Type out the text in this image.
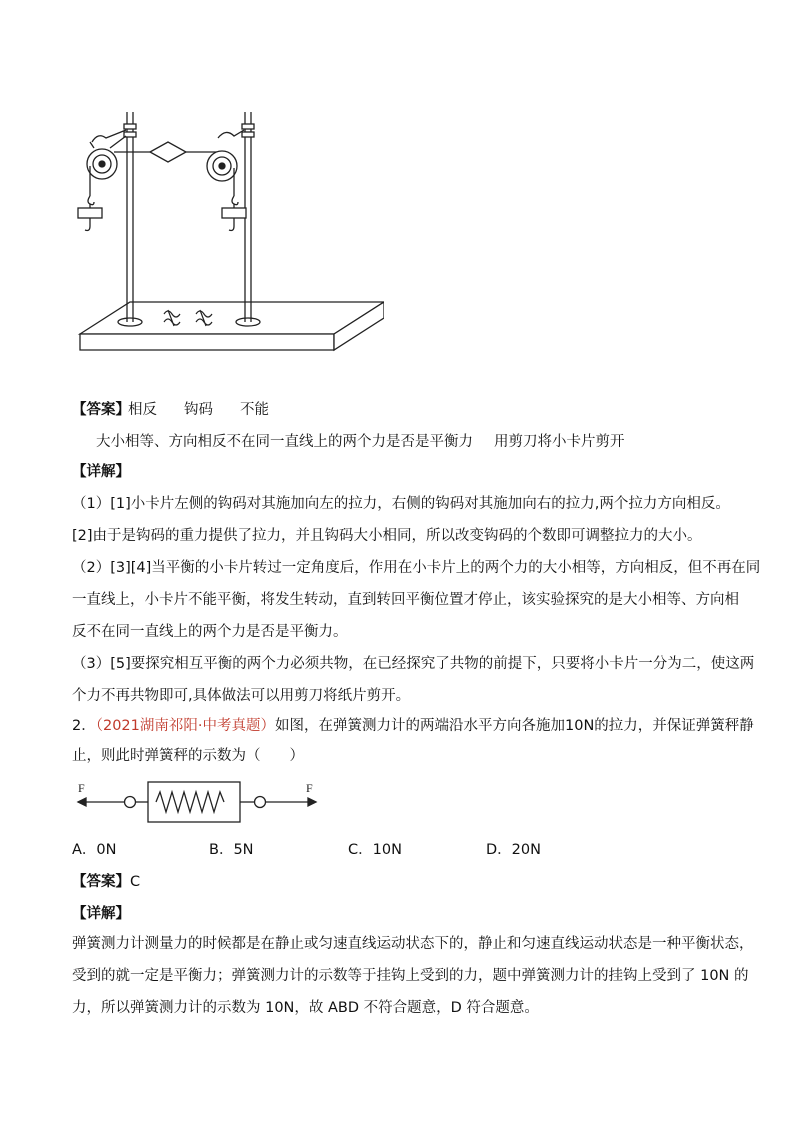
【答案】
相反 钩码 不能
大小相等、方向相反不在同一直线上的两个力是否是平衡力 用剪刀将小卡片剪开
【详解】
（1）[1]小卡片左侧的钩码对其施加向左的拉力，右侧的钩码对其施加向右的拉力,两个拉力方向相反。
[2]由于是钩码的重力提供了拉力，并且钩码大小相同，所以改变钩码的个数即可调整拉力的大小。
（2）[3][4]当平衡的小卡片转过一定角度后，作用在小卡片上的两个力的大小相等，方向相反，但不再在同
一直线上，小卡片不能平衡，将发生转动，直到转回平衡位置才停止，该实验探究的是大小相等、方向相
反不在同一直线上的两个力是否是平衡力。
（3）[5]要探究相互平衡的两个力必须共物，在已经探究了共物的前提下，只要将小卡片一分为二，使这两
个力不再共物即可,具体做法可以用剪刀将纸片剪开。
2．（2021湖南祁阳·中考真题）如图，在弹簧测力计的两端沿水平方向各施加10N的拉力，并保证弹簧秤静
止，则此时弹簧秤的示数为（　　）
F	F
A．0N	B．5N	C．10N	D．20N
【答案】C
【详解】
弹簧测力计测量力的时候都是在静止或匀速直线运动状态下的，静止和匀速直线运动状态是一种平衡状态，
受到的就一定是平衡力；弹簧测力计的示数等于挂钩上受到的力，题中弹簧测力计的挂钩上受到了 10N 的
力，所以弹簧测力计的示数为 10N，故 ABD 不符合题意，D 符合题意。
